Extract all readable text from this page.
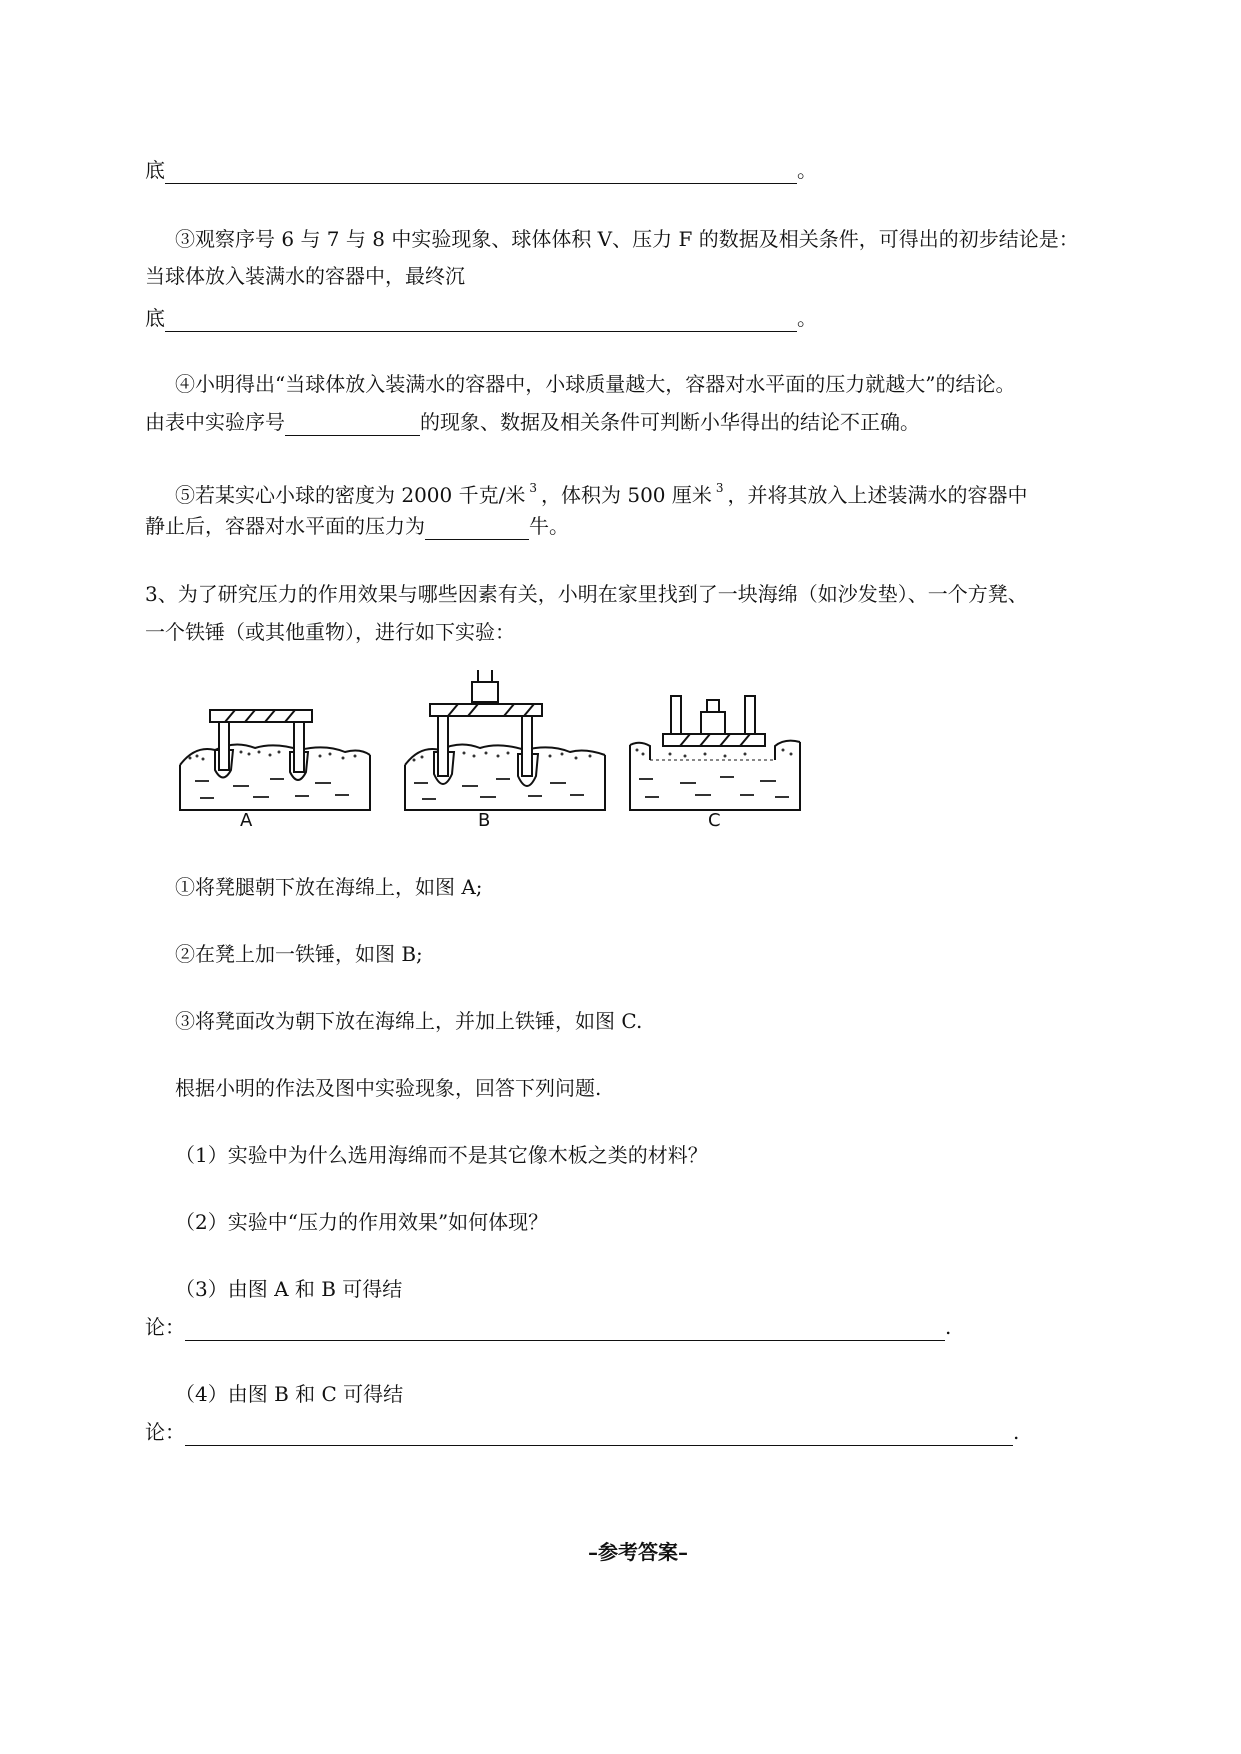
底	。
③观察序号 6 与 7 与 8 中实验现象、球体体积 V、压力 F 的数据及相关条件，可得出的初步结论是：
当球体放入装满水的容器中，最终沉
底	。
④小明得出“当球体放入装满水的容器中，小球质量越大，容器对水平面的压力就越大”的结论。
由表中实验序号	的现象、数据及相关条件可判断小华得出的结论不正确。
⑤若某实心小球的密度为 2000 千克/米 $^3$ ，体积为 500 厘米 $^3$ ，并将其放入上述装满水的容器中
静止后，容器对水平面的压力为	牛。
3、为了研究压力的作用效果与哪些因素有关，小明在家里找到了一块海绵（如沙发垫）、一个方凳、
一个铁锤（或其他重物），进行如下实验：
A	B	C
①将凳腿朝下放在海绵上，如图 A;
②在凳上加一铁锤，如图 B;
③将凳面改为朝下放在海绵上，并加上铁锤，如图 C.
根据小明的作法及图中实验现象，回答下列问题.
（1）实验中为什么选用海绵而不是其它像木板之类的材料？
（2）实验中“压力的作用效果”如何体现？
（3）由图 A 和 B 可得结
论：	.
（4）由图 B 和 C 可得结
论：	.
–参考答案–
